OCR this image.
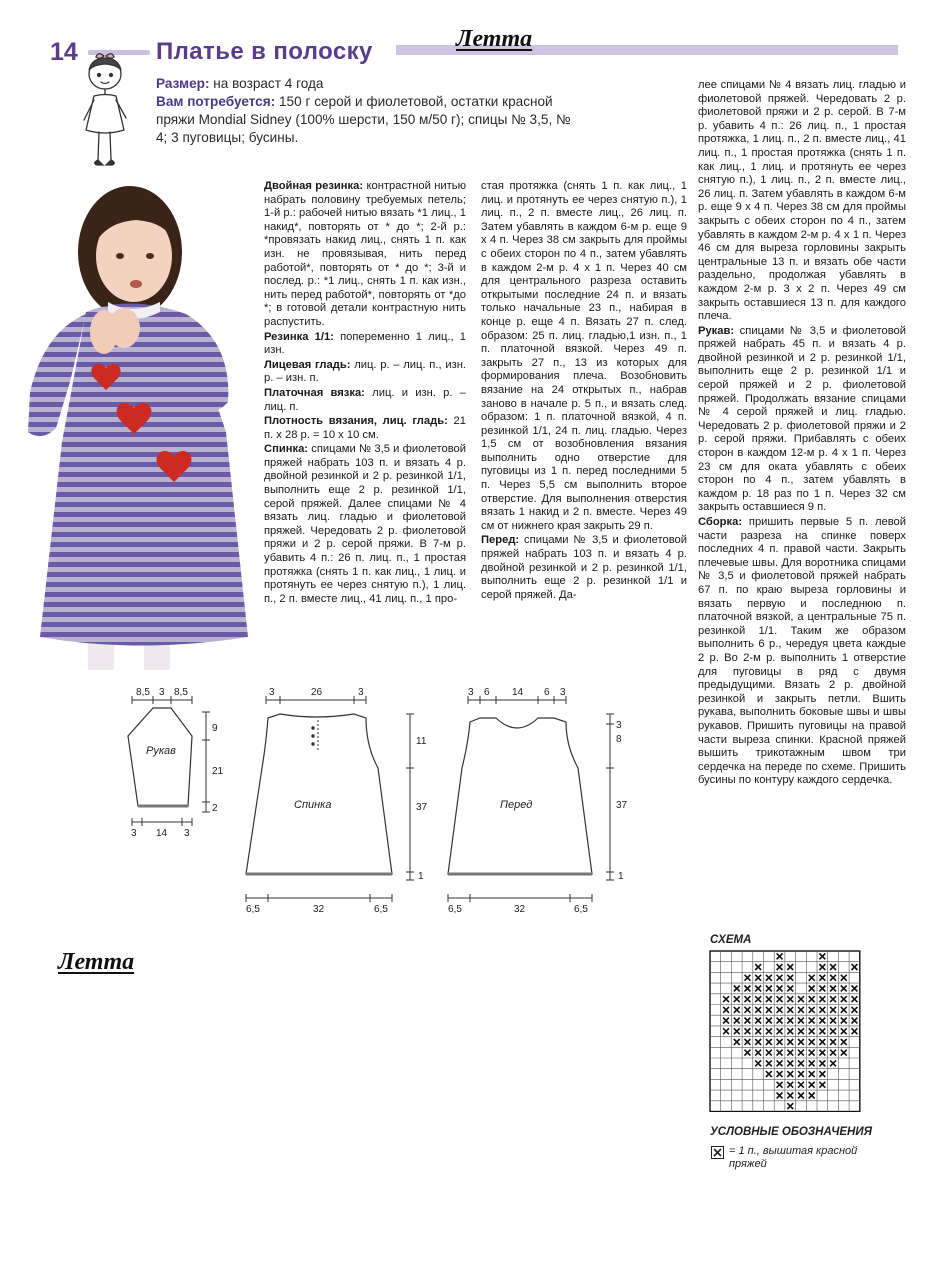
14	Платье в полоску	Летта
Размер: на возраст 4 года
Вам потребуется: 150 г серой и фиолетовой, остатки красной пряжи Mondial Sidney (100% шерсти, 150 м/50 г); спицы № 3,5, № 4; 3 пуговицы; бусины.

Двойная резинка: контрастной нитью набрать половину требуемых петель; 1-й р.: рабочей нитью вязать *1 лиц., 1 накид*, повторять от * до *; 2-й р.: *провязать накид лиц., снять 1 п. как изн. не провязывая, нить перед работой*, повторять от * до *; 3-й и послед. р.: *1 лиц., снять 1 п. как изн., нить перед работой*, повторять от *до *; в готовой детали контрастную нить распустить.

Резинка 1/1: попеременно 1 лиц., 1 изн.

Лицевая гладь: лиц. р. – лиц. п., изн. р. – изн. п.

Платочная вязка: лиц. и изн. р. – лиц. п.

Плотность вязания, лиц. гладь: 21 п. х 28 р. = 10 х 10 см.

Спинка: спицами № 3,5 и фиолетовой пряжей набрать 103 п. и вязать 4 р. двойной резинкой и 2 р. резинкой 1/1, выполнить еще 2 р. резинкой 1/1, серой пряжей. Далее спицами № 4 вязать лиц. гладью и фиолетовой пряжей. Чередовать 2 р. фиолетовой пряжи и 2 р. серой пряжи. В 7-м р. убавить 4 п.: 26 п. лиц. п., 1 простая протяжка (снять 1 п. как лиц., 1 лиц. и протянуть ее через снятую п.), 1 лиц. п., 2 п. вместе лиц., 41 лиц. п., 1 про-

стая протяжка (снять 1 п. как лиц., 1 лиц. и протянуть ее через снятую п.), 1 лиц. п., 2 п. вместе лиц., 26 лиц. п. Затем убавлять в каждом 6-м р. еще 9 х 4 п. Через 38 см закрыть для проймы с обеих сторон по 4 п., затем убавлять в каждом 2-м р. 4 х 1 п. Через 40 см для центрального разреза оставить открытыми последние 24 п. и вязать только начальные 23 п., набирая в конце р. еще 4 п. Вязать 27 п. след. образом: 25 п. лиц. гладью,1 изн. п., 1 п. платочной вязкой. Через 49 п. закрыть 27 п., 13 из которых для формирования плеча. Возобновить вязание на 24 открытых п., набрав заново в начале р. 5 п., и вязать след. образом: 1 п. платочной вязкой, 4 п. резинкой 1/1, 24 п. лиц. гладью. Через 1,5 см от возобновления вязания выполнить одно отверстие для пуговицы из 1 п. перед последними 5 п. Через 5,5 см выполнить второе отверстие. Для выполнения отверстия вязать 1 накид и 2 п. вместе. Через 49 см от нижнего края закрыть 29 п.

Перед: спицами № 3,5 и фиолетовой пряжей набрать 103 п. и вязать 4 р. двойной резинкой и 2 р. резинкой 1/1, выполнить еще 2 р. резинкой 1/1 и серой пряжей. Да-

лее спицами № 4 вязать лиц. гладью и фиолетовой пряжей. Чередовать 2 р. фиолетовой пряжи и 2 р. серой. В 7-м р. убавить 4 п.: 26 лиц. п., 1 простая протяжка, 1 лиц. п., 2 п. вместе лиц., 41 лиц. п., 1 простая протяжка (снять 1 п. как лиц., 1 лиц. и протянуть ее через снятую п.), 1 лиц. п., 2 п. вместе лиц., 26 лиц. п. Затем убавлять в каждом 6-м р. еще 9 х 4 п. Через 38 см для проймы закрыть с обеих сторон по 4 п., затем убавлять в каждом 2-м р. 4 х 1 п. Через 46 см для выреза горловины закрыть центральные 13 п. и вязать обе части раздельно, продолжая убавлять в каждом 2-м р. 3 х 2 п. Через 49 см закрыть оставшиеся 13 п. для каждого плеча.

Рукав: спицами № 3,5 и фиолетовой пряжей набрать 45 п. и вязать 4 р. двойной резинкой и 2 р. резинкой 1/1, выполнить еще 2 р. резинкой 1/1 и серой пряжей и 2 р. фиолетовой пряжей. Продолжать вязание спицами № 4 серой пряжей и лиц. гладью. Чередовать 2 р. фиолетовой пряжи и 2 р. серой пряжи. Прибавлять с обеих сторон в каждом 12-м р. 4 х 1 п. Через 23 см для оката убавлять с обеих сторон по 4 п., затем убавлять в каждом р. 18 раз по 1 п. Через 32 см закрыть оставшиеся 9 п.

Сборка: пришить первые 5 п. левой части разреза на спинке поверх последних 4 п. правой части. Закрыть плечевые швы. Для воротника спицами № 3,5 и фиолетовой пряжей набрать 67 п. по краю выреза горловины и вязать первую и последнюю п. платочной вязкой, а центральные 75 п. резинкой 1/1. Таким же образом выполнить 6 р., чередуя цвета каждые 2 р. Во 2-м р. выполнить 1 отверстие для пуговицы в ряд с двумя предыдущими. Вязать 2 р. двойной резинкой и закрыть петли. Вшить рукава, выполнить боковые швы и швы рукавов. Пришить пуговицы на правой части выреза спинки. Красной пряжей вышить трикотажным швом три сердечка на переде по схеме. Пришить бусины по контуру каждого сердечка.

8,5 3 8,5
Рукав
3 14 3
9
21
2
3	26	3
Спинка
6,5	32	6,5
11
37
1
3 6 14 6 3
Перед
6,5	32	6,5
3
8
37
1
Летта
СХЕМА
УСЛОВНЫЕ ОБОЗНАЧЕНИЯ
= 1 п., вышитая красной пряжей
